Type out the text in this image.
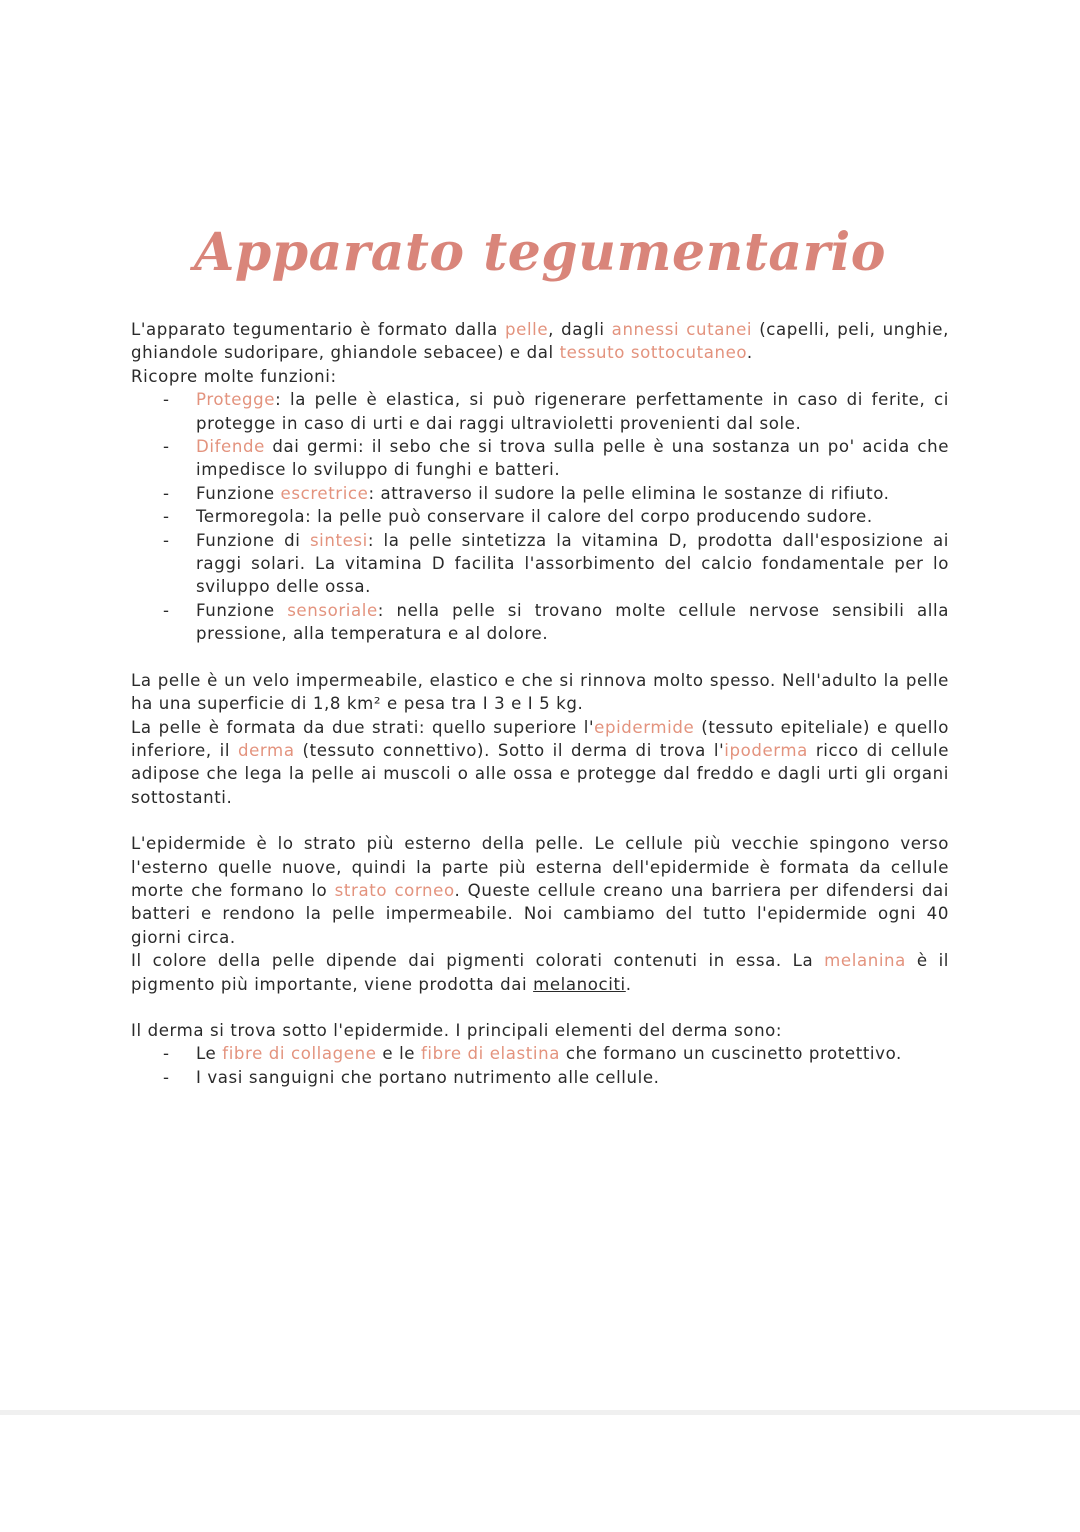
Apparato tegumentario

L'apparato tegumentario è formato dalla pelle, dagli annessi cutanei (capelli, peli, unghie, ghiandole sudoripare, ghiandole sebacee) e dal tessuto sottocutaneo.

Ricopre molte funzioni:

- Protegge: la pelle è elastica, si può rigenerare perfettamente in caso di ferite, ci protegge in caso di urti e dai raggi ultravioletti provenienti dal sole.
- Difende dai germi: il sebo che si trova sulla pelle è una sostanza un po' acida che impedisce lo sviluppo di funghi e batteri.
- Funzione escretrice: attraverso il sudore la pelle elimina le sostanze di rifiuto.
- Termoregola: la pelle può conservare il calore del corpo producendo sudore.
- Funzione di sintesi: la pelle sintetizza la vitamina D, prodotta dall'esposizione ai raggi solari. La vitamina D facilita l'assorbimento del calcio fondamentale per lo sviluppo delle ossa.
- Funzione sensoriale: nella pelle si trovano molte cellule nervose sensibili alla pressione, alla temperatura e al dolore.

La pelle è un velo impermeabile, elastico e che si rinnova molto spesso. Nell'adulto la pelle ha una superficie di 1,8 km² e pesa tra I 3 e I 5 kg.

La pelle è formata da due strati: quello superiore l'epidermide (tessuto epiteliale) e quello inferiore, il derma (tessuto connettivo). Sotto il derma di trova l'ipoderma ricco di cellule adipose che lega la pelle ai muscoli o alle ossa e protegge dal freddo e dagli urti gli organi sottostanti.

L'epidermide è lo strato più esterno della pelle. Le cellule più vecchie spingono verso l'esterno quelle nuove, quindi la parte più esterna dell'epidermide è formata da cellule morte che formano lo strato corneo. Queste cellule creano una barriera per difendersi dai batteri e rendono la pelle impermeabile. Noi cambiamo del tutto l'epidermide ogni 40 giorni circa.

Il colore della pelle dipende dai pigmenti colorati contenuti in essa. La melanina è il pigmento più importante, viene prodotta dai melanociti.

Il derma si trova sotto l'epidermide. I principali elementi del derma sono:

- Le fibre di collagene e le fibre di elastina che formano un cuscinetto protettivo.
- I vasi sanguigni che portano nutrimento alle cellule.
